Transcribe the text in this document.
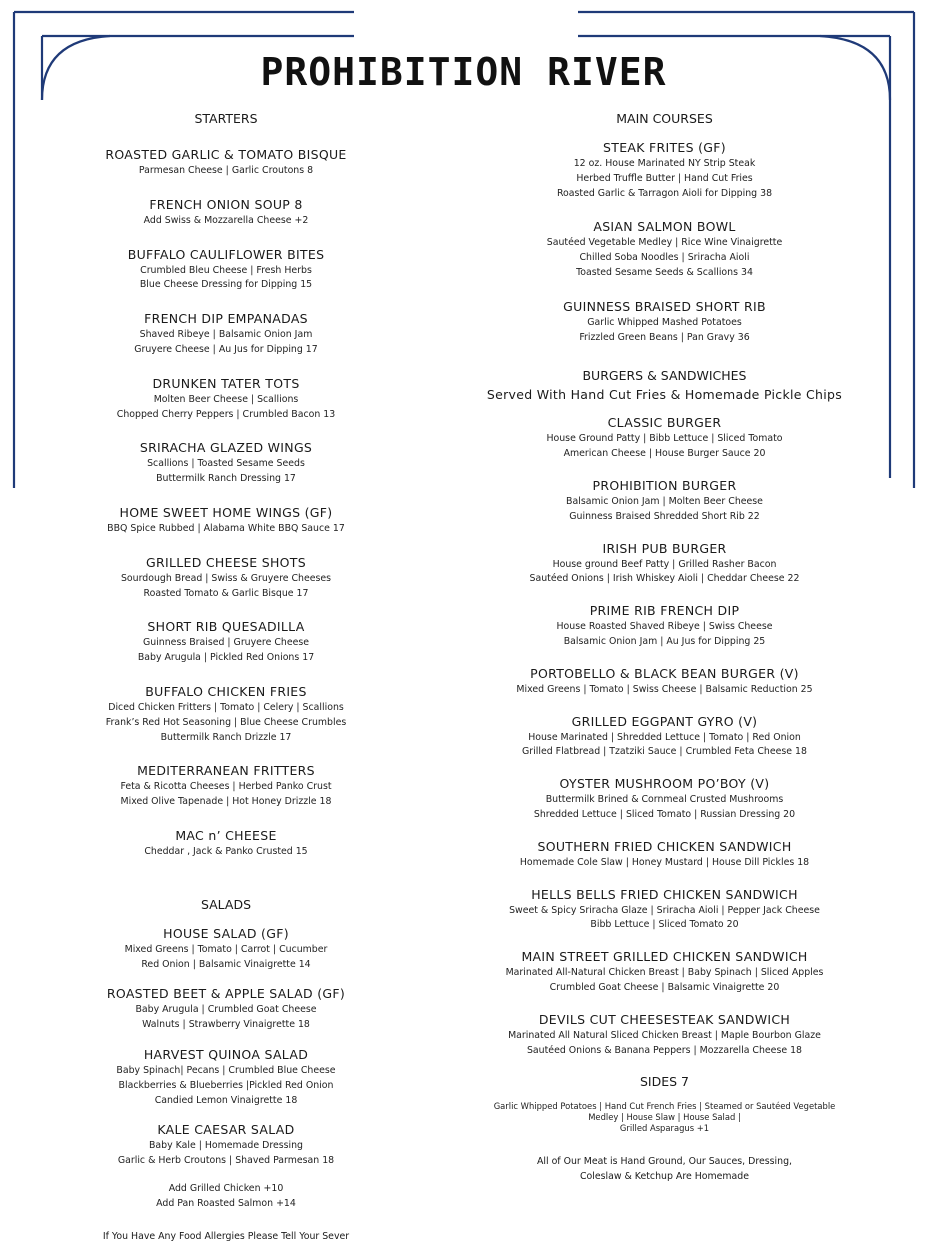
PROHIBITION RIVER

STARTERS

ROASTED GARLIC & TOMATO BISQUE

Parmesan Cheese | Garlic Croutons 8

FRENCH ONION SOUP 8

Add Swiss & Mozzarella Cheese +2

BUFFALO CAULIFLOWER BITES

Crumbled Bleu Cheese | Fresh Herbs

Blue Cheese Dressing for Dipping 15

FRENCH DIP EMPANADAS

Shaved Ribeye | Balsamic Onion Jam

Gruyere Cheese | Au Jus for Dipping 17

DRUNKEN TATER TOTS

Molten Beer Cheese | Scallions

Chopped Cherry Peppers | Crumbled Bacon 13

SRIRACHA GLAZED WINGS

Scallions | Toasted Sesame Seeds

Buttermilk Ranch Dressing 17

HOME SWEET HOME WINGS (GF)

BBQ Spice Rubbed | Alabama White BBQ Sauce 17

GRILLED CHEESE SHOTS

Sourdough Bread | Swiss & Gruyere Cheeses

Roasted Tomato & Garlic Bisque 17

SHORT RIB QUESADILLA

Guinness Braised | Gruyere Cheese

Baby Arugula | Pickled Red Onions 17

BUFFALO CHICKEN FRIES

Diced Chicken Fritters | Tomato | Celery | Scallions

Frank’s Red Hot Seasoning | Blue Cheese Crumbles

Buttermilk Ranch Drizzle 17

MEDITERRANEAN FRITTERS

Feta & Ricotta Cheeses | Herbed Panko Crust

Mixed Olive Tapenade | Hot Honey Drizzle 18

MAC n’ CHEESE

Cheddar , Jack & Panko Crusted 15

SALADS

HOUSE SALAD (GF)

Mixed Greens | Tomato | Carrot | Cucumber

Red Onion | Balsamic Vinaigrette 14

ROASTED BEET & APPLE SALAD (GF)

Baby Arugula | Crumbled Goat Cheese

Walnuts | Strawberry Vinaigrette 18

HARVEST QUINOA SALAD

Baby Spinach| Pecans | Crumbled Blue Cheese

Blackberries & Blueberries |Pickled Red Onion

Candied Lemon Vinaigrette 18

KALE CAESAR SALAD

Baby Kale | Homemade Dressing

Garlic & Herb Croutons | Shaved Parmesan 18

Add Grilled Chicken +10

Add Pan Roasted Salmon +14

If You Have Any Food Allergies Please Tell Your Sever

MAIN COURSES

STEAK FRITES (GF)

12 oz. House Marinated NY Strip Steak

Herbed Truffle Butter | Hand Cut Fries

Roasted Garlic & Tarragon Aioli for Dipping 38

ASIAN SALMON BOWL

Sautéed Vegetable Medley | Rice Wine Vinaigrette

Chilled Soba Noodles | Sriracha Aioli

Toasted Sesame Seeds & Scallions 34

GUINNESS BRAISED SHORT RIB

Garlic Whipped Mashed Potatoes

Frizzled Green Beans | Pan Gravy 36

BURGERS & SANDWICHES

Served With Hand Cut Fries & Homemade Pickle Chips

CLASSIC BURGER

House Ground Patty | Bibb Lettuce | Sliced Tomato

American Cheese | House Burger Sauce 20

PROHIBITION BURGER

Balsamic Onion Jam | Molten Beer Cheese

Guinness Braised Shredded Short Rib 22

IRISH PUB BURGER

House ground Beef Patty | Grilled Rasher Bacon

Sautéed Onions | Irish Whiskey Aioli | Cheddar Cheese 22

PRIME RIB FRENCH DIP

House Roasted Shaved Ribeye | Swiss Cheese

Balsamic Onion Jam | Au Jus for Dipping 25

PORTOBELLO & BLACK BEAN BURGER (V)

Mixed Greens | Tomato | Swiss Cheese | Balsamic Reduction 25

GRILLED EGGPANT GYRO (V)

House Marinated | Shredded Lettuce | Tomato | Red Onion

Grilled Flatbread | Tzatziki Sauce | Crumbled Feta Cheese 18

OYSTER MUSHROOM PO’BOY (V)

Buttermilk Brined & Cornmeal Crusted Mushrooms

Shredded Lettuce | Sliced Tomato | Russian Dressing 20

SOUTHERN FRIED CHICKEN SANDWICH

Homemade Cole Slaw | Honey Mustard | House Dill Pickles 18

HELLS BELLS FRIED CHICKEN SANDWICH

Sweet & Spicy Sriracha Glaze | Sriracha Aioli | Pepper Jack Cheese

Bibb Lettuce | Sliced Tomato 20

MAIN STREET GRILLED CHICKEN SANDWICH

Marinated All-Natural Chicken Breast | Baby Spinach | Sliced Apples

Crumbled Goat Cheese | Balsamic Vinaigrette 20

DEVILS CUT CHEESESTEAK SANDWICH

Marinated All Natural Sliced Chicken Breast | Maple Bourbon Glaze

Sautéed Onions & Banana Peppers | Mozzarella Cheese 18

SIDES 7

Garlic Whipped Potatoes | Hand Cut French Fries | Steamed or Sautéed Vegetable

Medley | House Slaw | House Salad |

Grilled Asparagus +1

All of Our Meat is Hand Ground, Our Sauces, Dressing,

Coleslaw & Ketchup Are Homemade
